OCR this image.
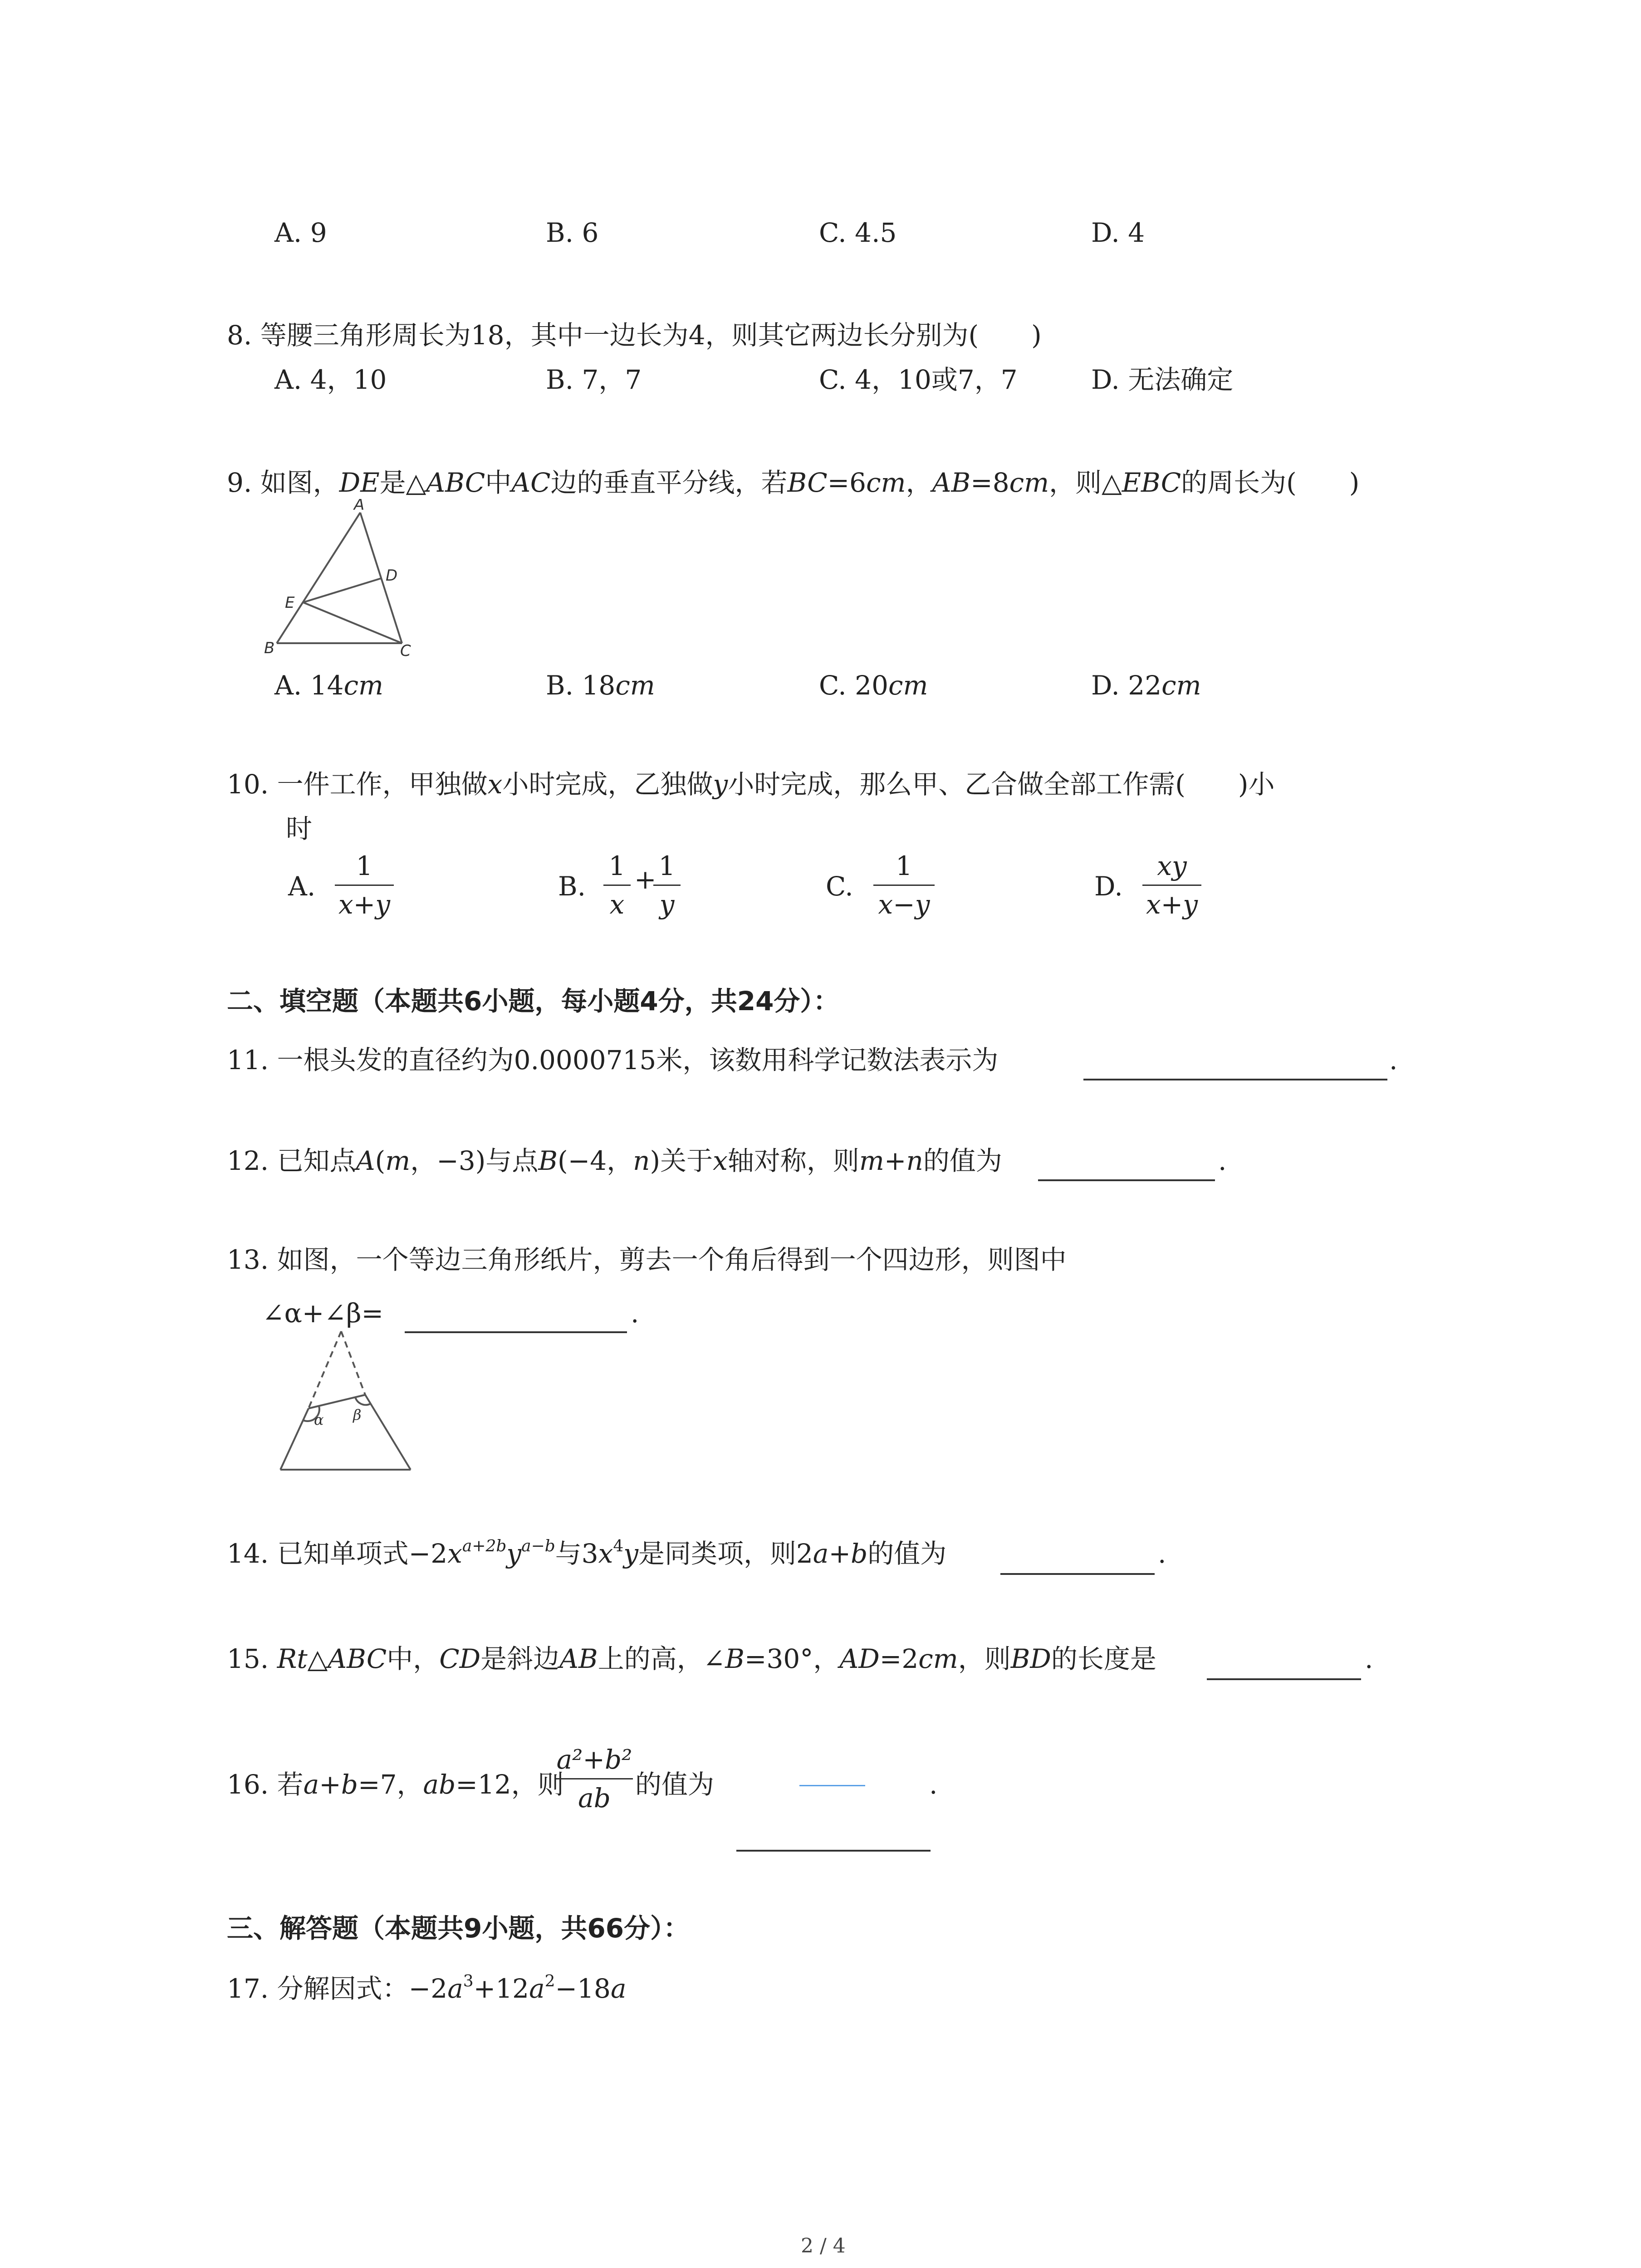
A. 9	B. 6	C. 4.5	D. 4
8. 等腰三角形周长为18，其中一边长为4，则其它两边长分别为(　　)
A. 4，10	B. 7，7	C. 4，10或7，7	D. 无法确定
9. 如图，DE是△ABC中AC边的垂直平分线，若BC=6cm，AB=8cm，则△EBC的周长为(　　)
A
D
E
B	C
A. 14cm	B. 18cm	C. 20cm	D. 22cm
10. 一件工作，甲独做x小时完成，乙独做y小时完成，那么甲、乙合做全部工作需(　　)小
时
A.
1
x+y
B.
1
x
+ 1
y
C.
1
x−y
D.
xy
x+y
二、填空题（本题共6小题，每小题4分，共24分）：
11. 一根头发的直径约为0.0000715米，该数用科学记数法表示为	.
12. 已知点A(m，−3)与点B(−4，n)关于x轴对称，则m+n的值为	.
13. 如图，一个等边三角形纸片，剪去一个角后得到一个四边形，则图中
∠α+∠β=	.
α β
14. 已知单项式$-2x^{a+2b}y^{a-b}$与$3x^4y$是同类项，则2a+b的值为	.
15. Rt△ABC中，CD是斜边AB上的高，∠B=30°，AD=2cm，则BD的长度是	.
16. 若a+b=7，ab=12，则
a²+b²
ab 的值为	.
三、解答题（本题共9小题，共66分）：
17. 分解因式：$-2a^3+12a^2-18a$
2 / 4
